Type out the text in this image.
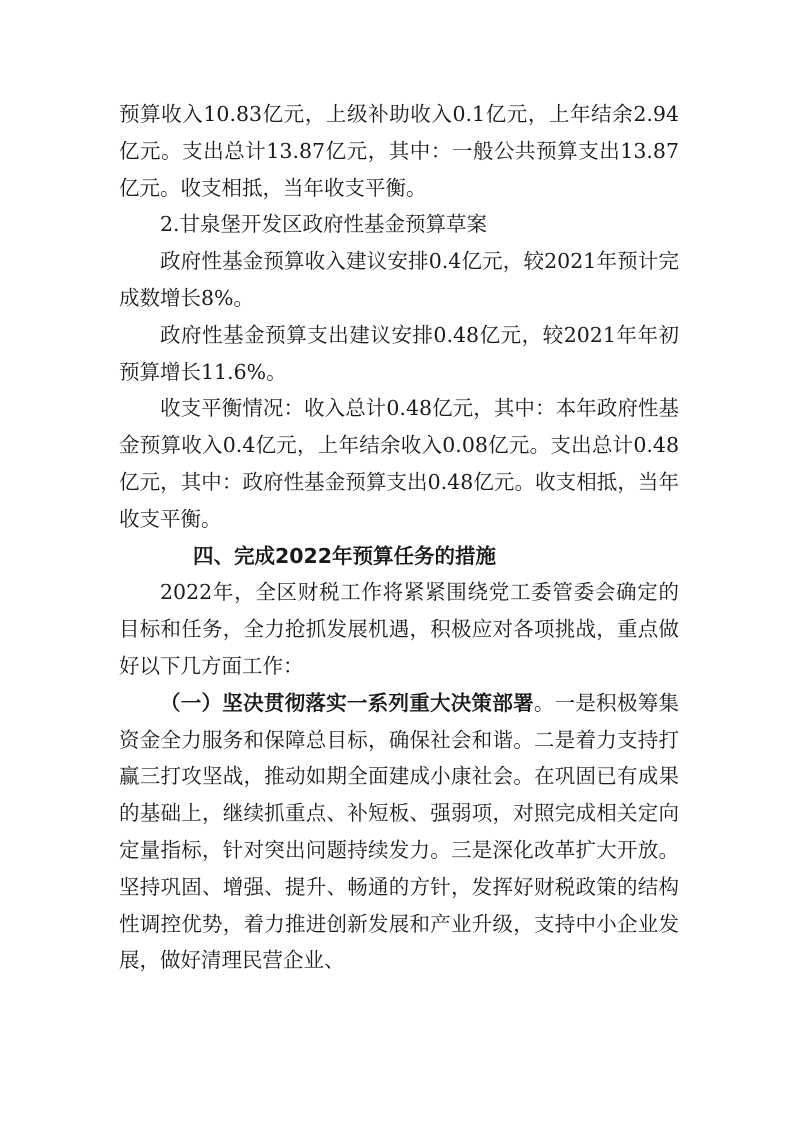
预算收入10.83亿元，上级补助收入0.1亿元，上年结余2.94亿元。支出总计13.87亿元，其中：一般公共预算支出13.87亿元。收支相抵，当年收支平衡。

2.甘泉堡开发区政府性基金预算草案

政府性基金预算收入建议安排0.4亿元，较2021年预计完成数增长8%。

政府性基金预算支出建议安排0.48亿元，较2021年年初预算增长11.6%。

收支平衡情况：收入总计0.48亿元，其中：本年政府性基金预算收入0.4亿元，上年结余收入0.08亿元。支出总计0.48亿元，其中：政府性基金预算支出0.48亿元。收支相抵，当年收支平衡。

四、完成2022年预算任务的措施

2022年，全区财税工作将紧紧围绕党工委管委会确定的目标和任务，全力抢抓发展机遇，积极应对各项挑战，重点做好以下几方面工作：

（一）坚决贯彻落实一系列重大决策部署。一是积极筹集资金全力服务和保障总目标，确保社会和谐。二是着力支持打赢三打攻坚战，推动如期全面建成小康社会。在巩固已有成果的基础上，继续抓重点、补短板、强弱项，对照完成相关定向定量指标，针对突出问题持续发力。三是深化改革扩大开放。坚持巩固、增强、提升、畅通的方针，发挥好财税政策的结构性调控优势，着力推进创新发展和产业升级，支持中小企业发展，做好清理民营企业、
